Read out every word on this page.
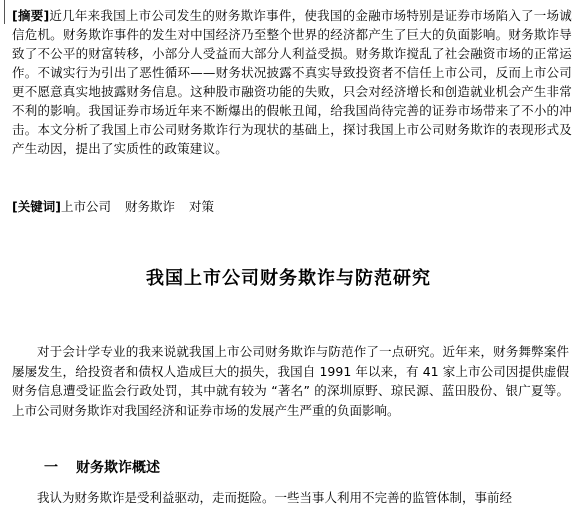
[摘要]近几年来我国上市公司发生的财务欺诈事件，使我国的金融市场特别是证券市场陷入了一场诚信危机。财务欺诈事件的发生对中国经济乃至整个世界的经济都产生了巨大的负面影响。财务欺诈导致了不公平的财富转移，小部分人受益而大部分人利益受损。财务欺诈搅乱了社会融资市场的正常运作。不诚实行为引出了恶性循环——财务状况披露不真实导致投资者不信任上市公司，反而上市公司更不愿意真实地披露财务信息。这种股市融资功能的失败，只会对经济增长和创造就业机会产生非常不利的影响。我国证券市场近年来不断爆出的假帐丑闻，给我国尚待完善的证券市场带来了不小的冲击。本文分析了我国上市公司财务欺诈行为现状的基础上，探讨我国上市公司财务欺诈的表现形式及产生动因，提出了实质性的政策建议。
[关键词]上市公司 财务欺诈 对策
我国上市公司财务欺诈与防范研究
对于会计学专业的我来说就我国上市公司财务欺诈与防范作了一点研究。近年来，财务舞弊案件屡屡发生，给投资者和债权人造成巨大的损失，我国自 1991 年以来，有 41 家上市公司因提供虚假财务信息遭受证监会行政处罚，其中就有较为 “著名” 的深圳原野、琼民源、蓝田股份、银广夏等。上市公司财务欺诈对我国经济和证券市场的发展产生严重的负面影响。
一 财务欺诈概述
我认为财务欺诈是受利益驱动，走而挺险。一些当事人利用不完善的监管体制，事前经
